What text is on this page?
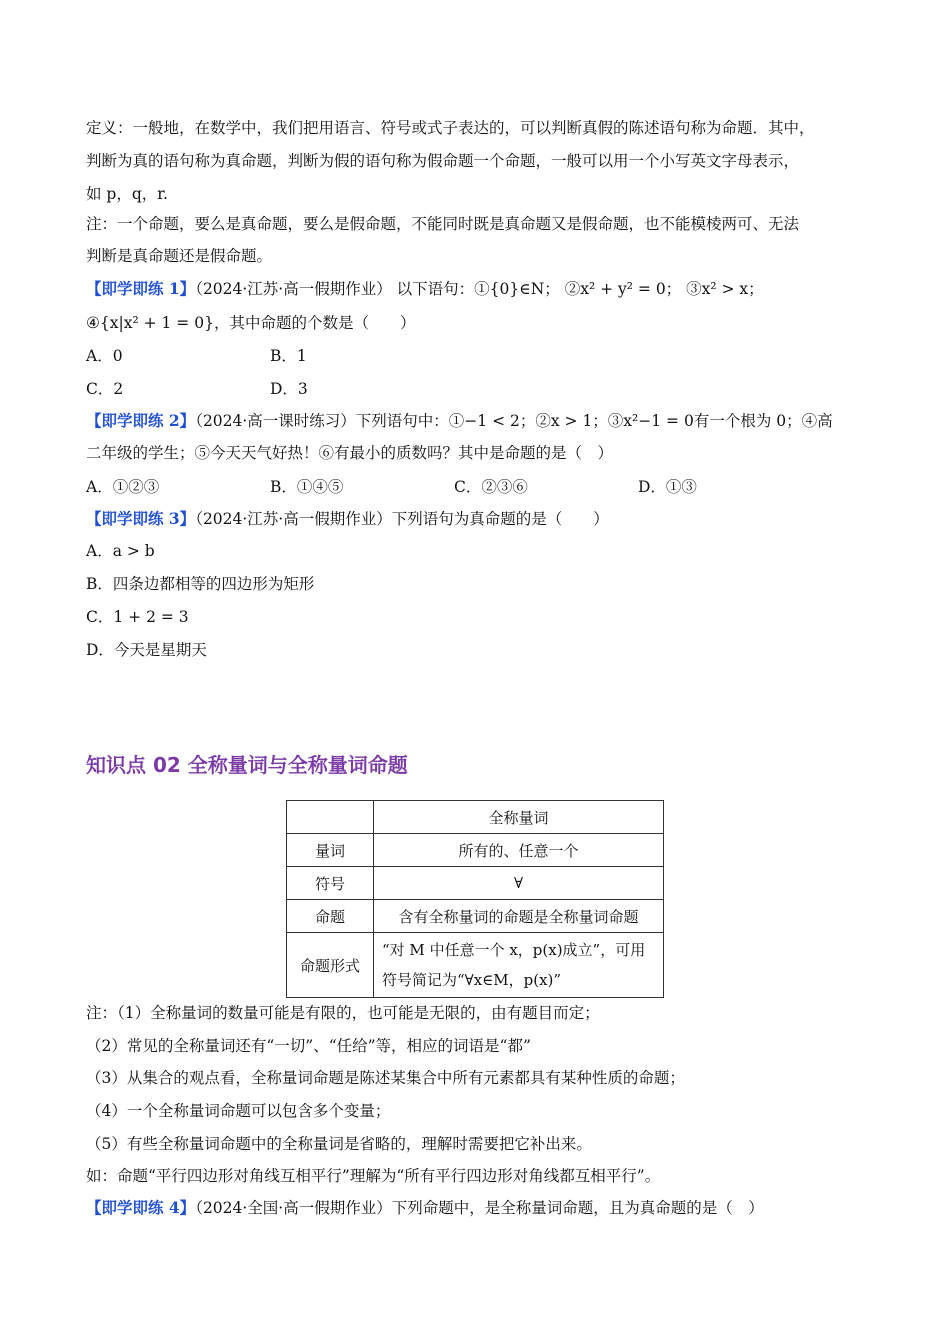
定义：一般地，在数学中，我们把用语言、符号或式子表达的，可以判断真假的陈述语句称为命题．其中，
判断为真的语句称为真命题，判断为假的语句称为假命题一个命题，一般可以用一个小写英文字母表示，
如 p，q，r.
注：一个命题，要么是真命题，要么是假命题，不能同时既是真命题又是假命题，也不能模棱两可、无法
判断是真命题还是假命题。
【即学即练 1】（2024·江苏·高一假期作业） 以下语句：①{0}∈N； ②x² + y² = 0； ③x² > x；
④{x|x² + 1 = 0}，其中命题的个数是（　　）
A．0	B．1
C．2	D．3
【即学即练 2】（2024·高一课时练习）下列语句中：①−1 < 2；②x > 1；③x²−1 = 0有一个根为 0；④高
二年级的学生；⑤今天天气好热！⑥有最小的质数吗？其中是命题的是（　）
A．①②③	B．①④⑤	C．②③⑥	D．①③
【即学即练 3】（2024·江苏·高一假期作业）下列语句为真命题的是（　　）
A．a > b
B．四条边都相等的四边形为矩形
C．1 + 2 = 3
D．今天是星期天
知识点 02 全称量词与全称量词命题
	全称量词
量词	所有的、任意一个
符号	∀
命题	含有全称量词的命题是全称量词命题
命题形式	“对 M 中任意一个 x，p(x)成立”，可用
符号简记为“∀x∈M，p(x)”
注：（1）全称量词的数量可能是有限的，也可能是无限的，由有题目而定；
（2）常见的全称量词还有“一切”、“任给”等，相应的词语是“都”
（3）从集合的观点看，全称量词命题是陈述某集合中所有元素都具有某种性质的命题；
（4）一个全称量词命题可以包含多个变量；
（5）有些全称量词命题中的全称量词是省略的，理解时需要把它补出来。
如：命题“平行四边形对角线互相平行”理解为“所有平行四边形对角线都互相平行”。
【即学即练 4】（2024·全国·高一假期作业）下列命题中，是全称量词命题，且为真命题的是（　）
